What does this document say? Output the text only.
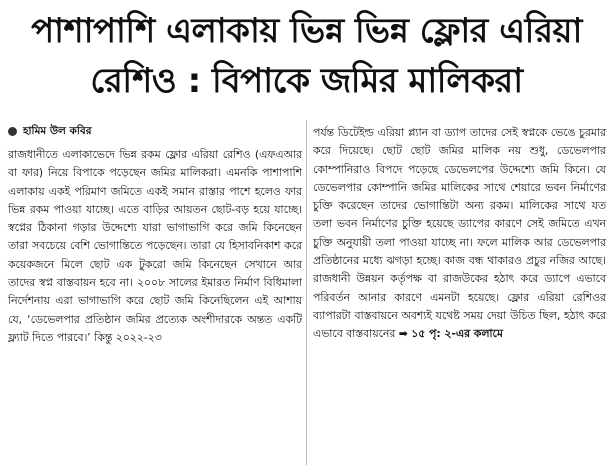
পাশাপাশি এলাকায় ভিন্ন ভিন্ন ফ্লোর এরিয়া
রেশিও : বিপাকে জমির মালিকরা
হামিম উল কবির

রাজধানীতে এলাকাভেদে ভিন্ন রকম ফ্লোর এরিয়া রেশিও (এফএআর বা ফার) নিয়ে বিপাকে পড়েছেন জমির মালিকরা। এমনকি পাশাপাশি এলাকায় একই পরিমাণ জমিতে একই সমান রাস্তার পাশে হলেও ফার ভিন্ন রকম পাওয়া যাচ্ছে। এতে বাড়ির আয়তন ছোট-বড় হয়ে যাচ্ছে। স্বপ্নের ঠিকানা গড়ার উদ্দেশ্যে যারা ভাগাভাগি করে জমি কিনেছেন তারা সবচেয়ে বেশি ভোগান্তিতে পড়েছেন। তারা যে হিসাবনিকাশ করে কয়েকজনে মিলে ছোট এক টুকরো জমি কিনেছেন সেখানে আর তাদের স্বপ্ন বাস্তবায়ন হবে না। ২০০৮ সালের ইমারত নির্মাণ বিধিমালা নির্দেশনায় এরা ভাগাভাগি করে ছোট জমি কিনেছিলেন এই আশায় যে, ‘ডেভেলপার প্রতিষ্ঠান জমির প্রত্যেক অংশীদারকে অন্তত একটি ফ্ল্যাট দিতে পারবে।’ কিন্তু ২০২২-২৩

পর্যন্ত ডিটেইল্ড এরিয়া প্ল্যান বা ড্যাপ তাদের সেই স্বপ্নকে ভেঙে চুরমার করে দিয়েছে। ছোট ছোট জমির মালিক নয় শুধু, ডেভেলপার কোম্পানিরাও বিপদে পড়েছে ডেভেলপের উদ্দেশ্যে জমি কিনে। যে ডেভেলপার কোম্পানি জমির মালিকের সাথে শেয়ারে ভবন নির্মাণের চুক্তি করেছেন তাদের ভোগান্তিটা অন্য রকম। মালিকের সাথে যত তলা ভবন নির্মাণের চুক্তি হয়েছে ড্যাপের কারণে সেই জমিতে এখন চুক্তি অনুযায়ী তলা পাওয়া যাচ্ছে না। ফলে মালিক আর ডেভেলপার প্রতিষ্ঠানের মধ্যে ঝগড়া হচ্ছে। কাজ বন্ধ থাকারও প্রচুর নজির আছে। রাজধানী উন্নয়ন কর্তৃপক্ষ বা রাজউকের হঠাৎ করে ড্যাপে এভাবে পরিবর্তন আনার কারণে এমনটা হয়েছে। ফ্লোর এরিয়া রেশিওর ব্যাপারটা বাস্তবায়নে অবশ্যই যথেষ্ট সময় দেয়া উচিত ছিল, হঠাৎ করে এভাবে বাস্তবায়নের ➡ ১৫ পৃ: ২-এর কলামে
